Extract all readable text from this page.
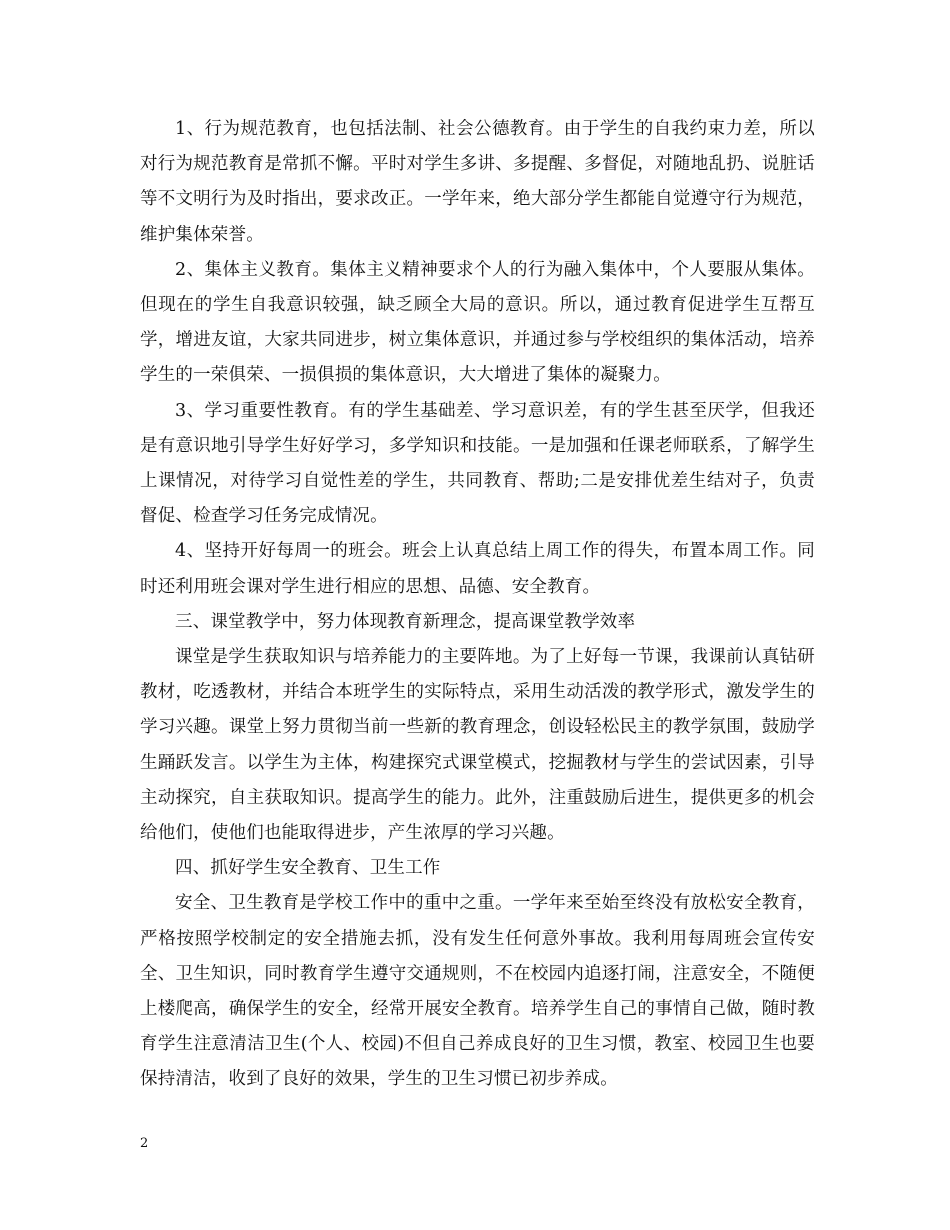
1、行为规范教育，也包括法制、社会公德教育。由于学生的自我约束力差，所以对行为规范教育是常抓不懈。平时对学生多讲、多提醒、多督促，对随地乱扔、说脏话等不文明行为及时指出，要求改正。一学年来，绝大部分学生都能自觉遵守行为规范，维护集体荣誉。

2、集体主义教育。集体主义精神要求个人的行为融入集体中，个人要服从集体。但现在的学生自我意识较强，缺乏顾全大局的意识。所以，通过教育促进学生互帮互学，增进友谊，大家共同进步，树立集体意识，并通过参与学校组织的集体活动，培养学生的一荣俱荣、一损俱损的集体意识，大大增进了集体的凝聚力。

3、学习重要性教育。有的学生基础差、学习意识差，有的学生甚至厌学，但我还是有意识地引导学生好好学习，多学知识和技能。一是加强和任课老师联系，了解学生上课情况，对待学习自觉性差的学生，共同教育、帮助;二是安排优差生结对子，负责督促、检查学习任务完成情况。

4、坚持开好每周一的班会。班会上认真总结上周工作的得失，布置本周工作。同时还利用班会课对学生进行相应的思想、品德、安全教育。

三、课堂教学中，努力体现教育新理念，提高课堂教学效率

课堂是学生获取知识与培养能力的主要阵地。为了上好每一节课，我课前认真钻研教材，吃透教材，并结合本班学生的实际特点，采用生动活泼的教学形式，激发学生的学习兴趣。课堂上努力贯彻当前一些新的教育理念，创设轻松民主的教学氛围，鼓励学生踊跃发言。以学生为主体，构建探究式课堂模式，挖掘教材与学生的尝试因素，引导主动探究，自主获取知识。提高学生的能力。此外，注重鼓励后进生，提供更多的机会给他们，使他们也能取得进步，产生浓厚的学习兴趣。

四、抓好学生安全教育、卫生工作

安全、卫生教育是学校工作中的重中之重。一学年来至始至终没有放松安全教育，严格按照学校制定的安全措施去抓，没有发生任何意外事故。我利用每周班会宣传安全、卫生知识，同时教育学生遵守交通规则，不在校园内追逐打闹，注意安全，不随便上楼爬高，确保学生的安全，经常开展安全教育。培养学生自己的事情自己做，随时教育学生注意清洁卫生(个人、校园)不但自己养成良好的卫生习惯，教室、校园卫生也要保持清洁，收到了良好的效果，学生的卫生习惯已初步养成。

2
